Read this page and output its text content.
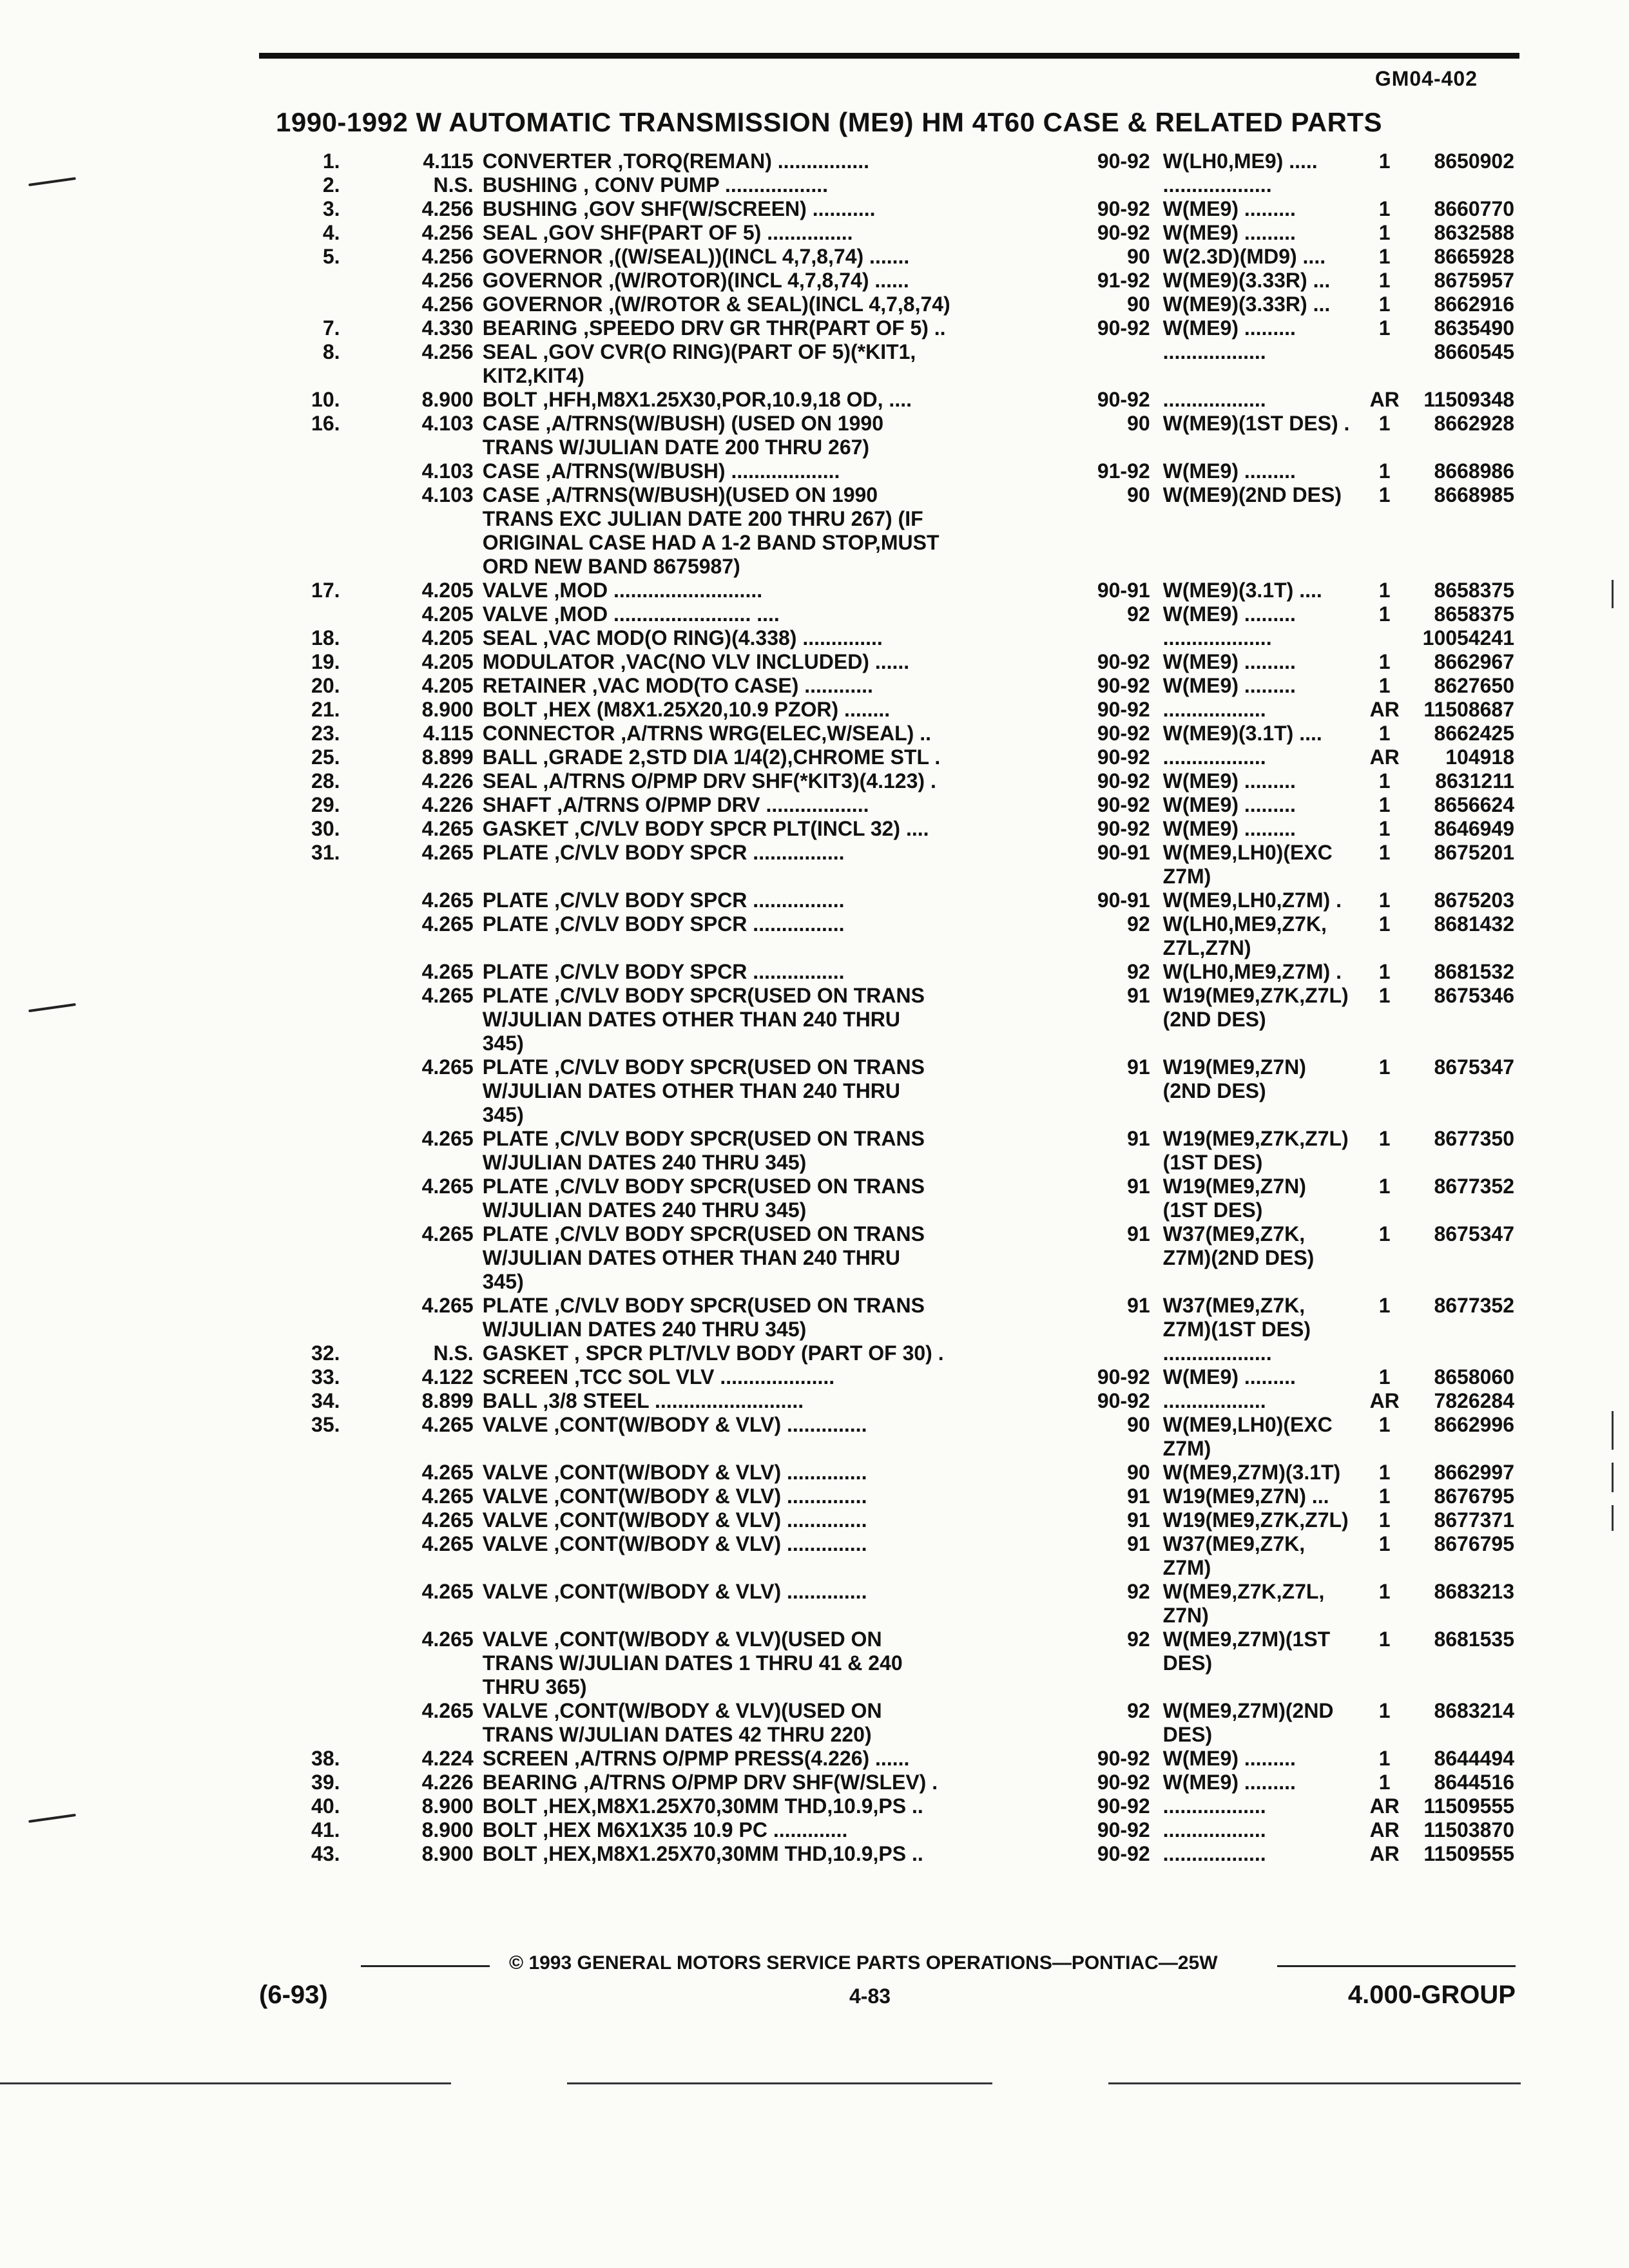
GM04-402
1990-1992 W AUTOMATIC TRANSMISSION (ME9) HM 4T60 CASE & RELATED PARTS
1.	4.115 CONVERTER ,TORQ(REMAN) ................	90-92 W(LH0,ME9) .....	1	8650902
2.	N.S. BUSHING , CONV PUMP ..................	...................
3.	4.256 BUSHING ,GOV SHF(W/SCREEN) ...........	90-92 W(ME9) .........	1	8660770
4.	4.256 SEAL ,GOV SHF(PART OF 5) ...............	90-92 W(ME9) .........	1	8632588
5.	4.256 GOVERNOR ,((W/SEAL))(INCL 4,7,8,74) .......	90 W(2.3D)(MD9) ....	1	8665928
4.256 GOVERNOR ,(W/ROTOR)(INCL 4,7,8,74) ......	91-92 W(ME9)(3.33R) ...	1	8675957
4.256 GOVERNOR ,(W/ROTOR & SEAL)(INCL 4,7,8,74)	90 W(ME9)(3.33R) ...	1	8662916
7.	4.330 BEARING ,SPEEDO DRV GR THR(PART OF 5) ..	90-92 W(ME9) .........	1	8635490
8.	4.256 SEAL ,GOV CVR(O RING)(PART OF 5)(*KIT1,	..................	8660545
KIT2,KIT4)
10.	8.900 BOLT ,HFH,M8X1.25X30,POR,10.9,18 OD, ....	90-92 ..................	AR	11509348
16.	4.103 CASE ,A/TRNS(W/BUSH) (USED ON 1990	90 W(ME9)(1ST DES) .	1	8662928
TRANS W/JULIAN DATE 200 THRU 267)
4.103 CASE ,A/TRNS(W/BUSH) ...................	91-92 W(ME9) .........	1	8668986
4.103 CASE ,A/TRNS(W/BUSH)(USED ON 1990	90 W(ME9)(2ND DES)	1	8668985
TRANS EXC JULIAN DATE 200 THRU 267) (IF
ORIGINAL CASE HAD A 1-2 BAND STOP,MUST
ORD NEW BAND 8675987)
17.	4.205 VALVE ,MOD ..........................	90-91 W(ME9)(3.1T) ....	1	8658375
4.205 VALVE ,MOD ........................ ....	92 W(ME9) .........	1	8658375
18.	4.205 SEAL ,VAC MOD(O RING)(4.338) ..............	...................	10054241
19.	4.205 MODULATOR ,VAC(NO VLV INCLUDED) ......	90-92 W(ME9) .........	1	8662967
20.	4.205 RETAINER ,VAC MOD(TO CASE) ............	90-92 W(ME9) .........	1	8627650
21.	8.900 BOLT ,HEX (M8X1.25X20,10.9 PZOR) ........	90-92 ..................	AR	11508687
23.	4.115 CONNECTOR ,A/TRNS WRG(ELEC,W/SEAL) ..	90-92 W(ME9)(3.1T) ....	1	8662425
25.	8.899 BALL ,GRADE 2,STD DIA 1/4(2),CHROME STL .	90-92 ..................	AR	104918
28.	4.226 SEAL ,A/TRNS O/PMP DRV SHF(*KIT3)(4.123) .	90-92 W(ME9) .........	1	8631211
29.	4.226 SHAFT ,A/TRNS O/PMP DRV ..................	90-92 W(ME9) .........	1	8656624
30.	4.265 GASKET ,C/VLV BODY SPCR PLT(INCL 32) ....	90-92 W(ME9) .........	1	8646949
31.	4.265 PLATE ,C/VLV BODY SPCR ................	90-91 W(ME9,LH0)(EXC	1	8675201
Z7M)
4.265 PLATE ,C/VLV BODY SPCR ................	90-91 W(ME9,LH0,Z7M) .	1	8675203
4.265 PLATE ,C/VLV BODY SPCR ................	92 W(LH0,ME9,Z7K,	1	8681432
Z7L,Z7N)
4.265 PLATE ,C/VLV BODY SPCR ................	92 W(LH0,ME9,Z7M) .	1	8681532
4.265 PLATE ,C/VLV BODY SPCR(USED ON TRANS	91 W19(ME9,Z7K,Z7L)	1	8675346
W/JULIAN DATES OTHER THAN 240 THRU	(2ND DES)
345)
4.265 PLATE ,C/VLV BODY SPCR(USED ON TRANS	91 W19(ME9,Z7N)	1	8675347
W/JULIAN DATES OTHER THAN 240 THRU	(2ND DES)
345)
4.265 PLATE ,C/VLV BODY SPCR(USED ON TRANS	91 W19(ME9,Z7K,Z7L)	1	8677350
W/JULIAN DATES 240 THRU 345)	(1ST DES)
4.265 PLATE ,C/VLV BODY SPCR(USED ON TRANS	91 W19(ME9,Z7N)	1	8677352
W/JULIAN DATES 240 THRU 345)	(1ST DES)
4.265 PLATE ,C/VLV BODY SPCR(USED ON TRANS	91 W37(ME9,Z7K,	1	8675347
W/JULIAN DATES OTHER THAN 240 THRU	Z7M)(2ND DES)
345)
4.265 PLATE ,C/VLV BODY SPCR(USED ON TRANS	91 W37(ME9,Z7K,	1	8677352
W/JULIAN DATES 240 THRU 345)	Z7M)(1ST DES)
32.	N.S. GASKET , SPCR PLT/VLV BODY (PART OF 30) .	...................
33.	4.122 SCREEN ,TCC SOL VLV ....................	90-92 W(ME9) .........	1	8658060
34.	8.899 BALL ,3/8 STEEL ..........................	90-92 ..................	AR	7826284
35.	4.265 VALVE ,CONT(W/BODY & VLV) ..............	90 W(ME9,LH0)(EXC	1	8662996
Z7M)
4.265 VALVE ,CONT(W/BODY & VLV) ..............	90 W(ME9,Z7M)(3.1T)	1	8662997
4.265 VALVE ,CONT(W/BODY & VLV) ..............	91 W19(ME9,Z7N) ...	1	8676795
4.265 VALVE ,CONT(W/BODY & VLV) ..............	91 W19(ME9,Z7K,Z7L)	1	8677371
4.265 VALVE ,CONT(W/BODY & VLV) ..............	91 W37(ME9,Z7K,	1	8676795
Z7M)
4.265 VALVE ,CONT(W/BODY & VLV) ..............	92 W(ME9,Z7K,Z7L,	1	8683213
Z7N)
4.265 VALVE ,CONT(W/BODY & VLV)(USED ON	92 W(ME9,Z7M)(1ST	1	8681535
TRANS W/JULIAN DATES 1 THRU 41 & 240	DES)
THRU 365)
4.265 VALVE ,CONT(W/BODY & VLV)(USED ON	92 W(ME9,Z7M)(2ND	1	8683214
TRANS W/JULIAN DATES 42 THRU 220)	DES)
38.	4.224 SCREEN ,A/TRNS O/PMP PRESS(4.226) ......	90-92 W(ME9) .........	1	8644494
39.	4.226 BEARING ,A/TRNS O/PMP DRV SHF(W/SLEV) .	90-92 W(ME9) .........	1	8644516
40.	8.900 BOLT ,HEX,M8X1.25X70,30MM THD,10.9,PS ..	90-92 ..................	AR	11509555
41.	8.900 BOLT ,HEX M6X1X35 10.9 PC .............	90-92 ..................	AR	11503870
43.	8.900 BOLT ,HEX,M8X1.25X70,30MM THD,10.9,PS ..	90-92 ..................	AR	11509555
© 1993 GENERAL MOTORS SERVICE PARTS OPERATIONS—PONTIAC—25W
(6-93)	4-83	4.000-GROUP
